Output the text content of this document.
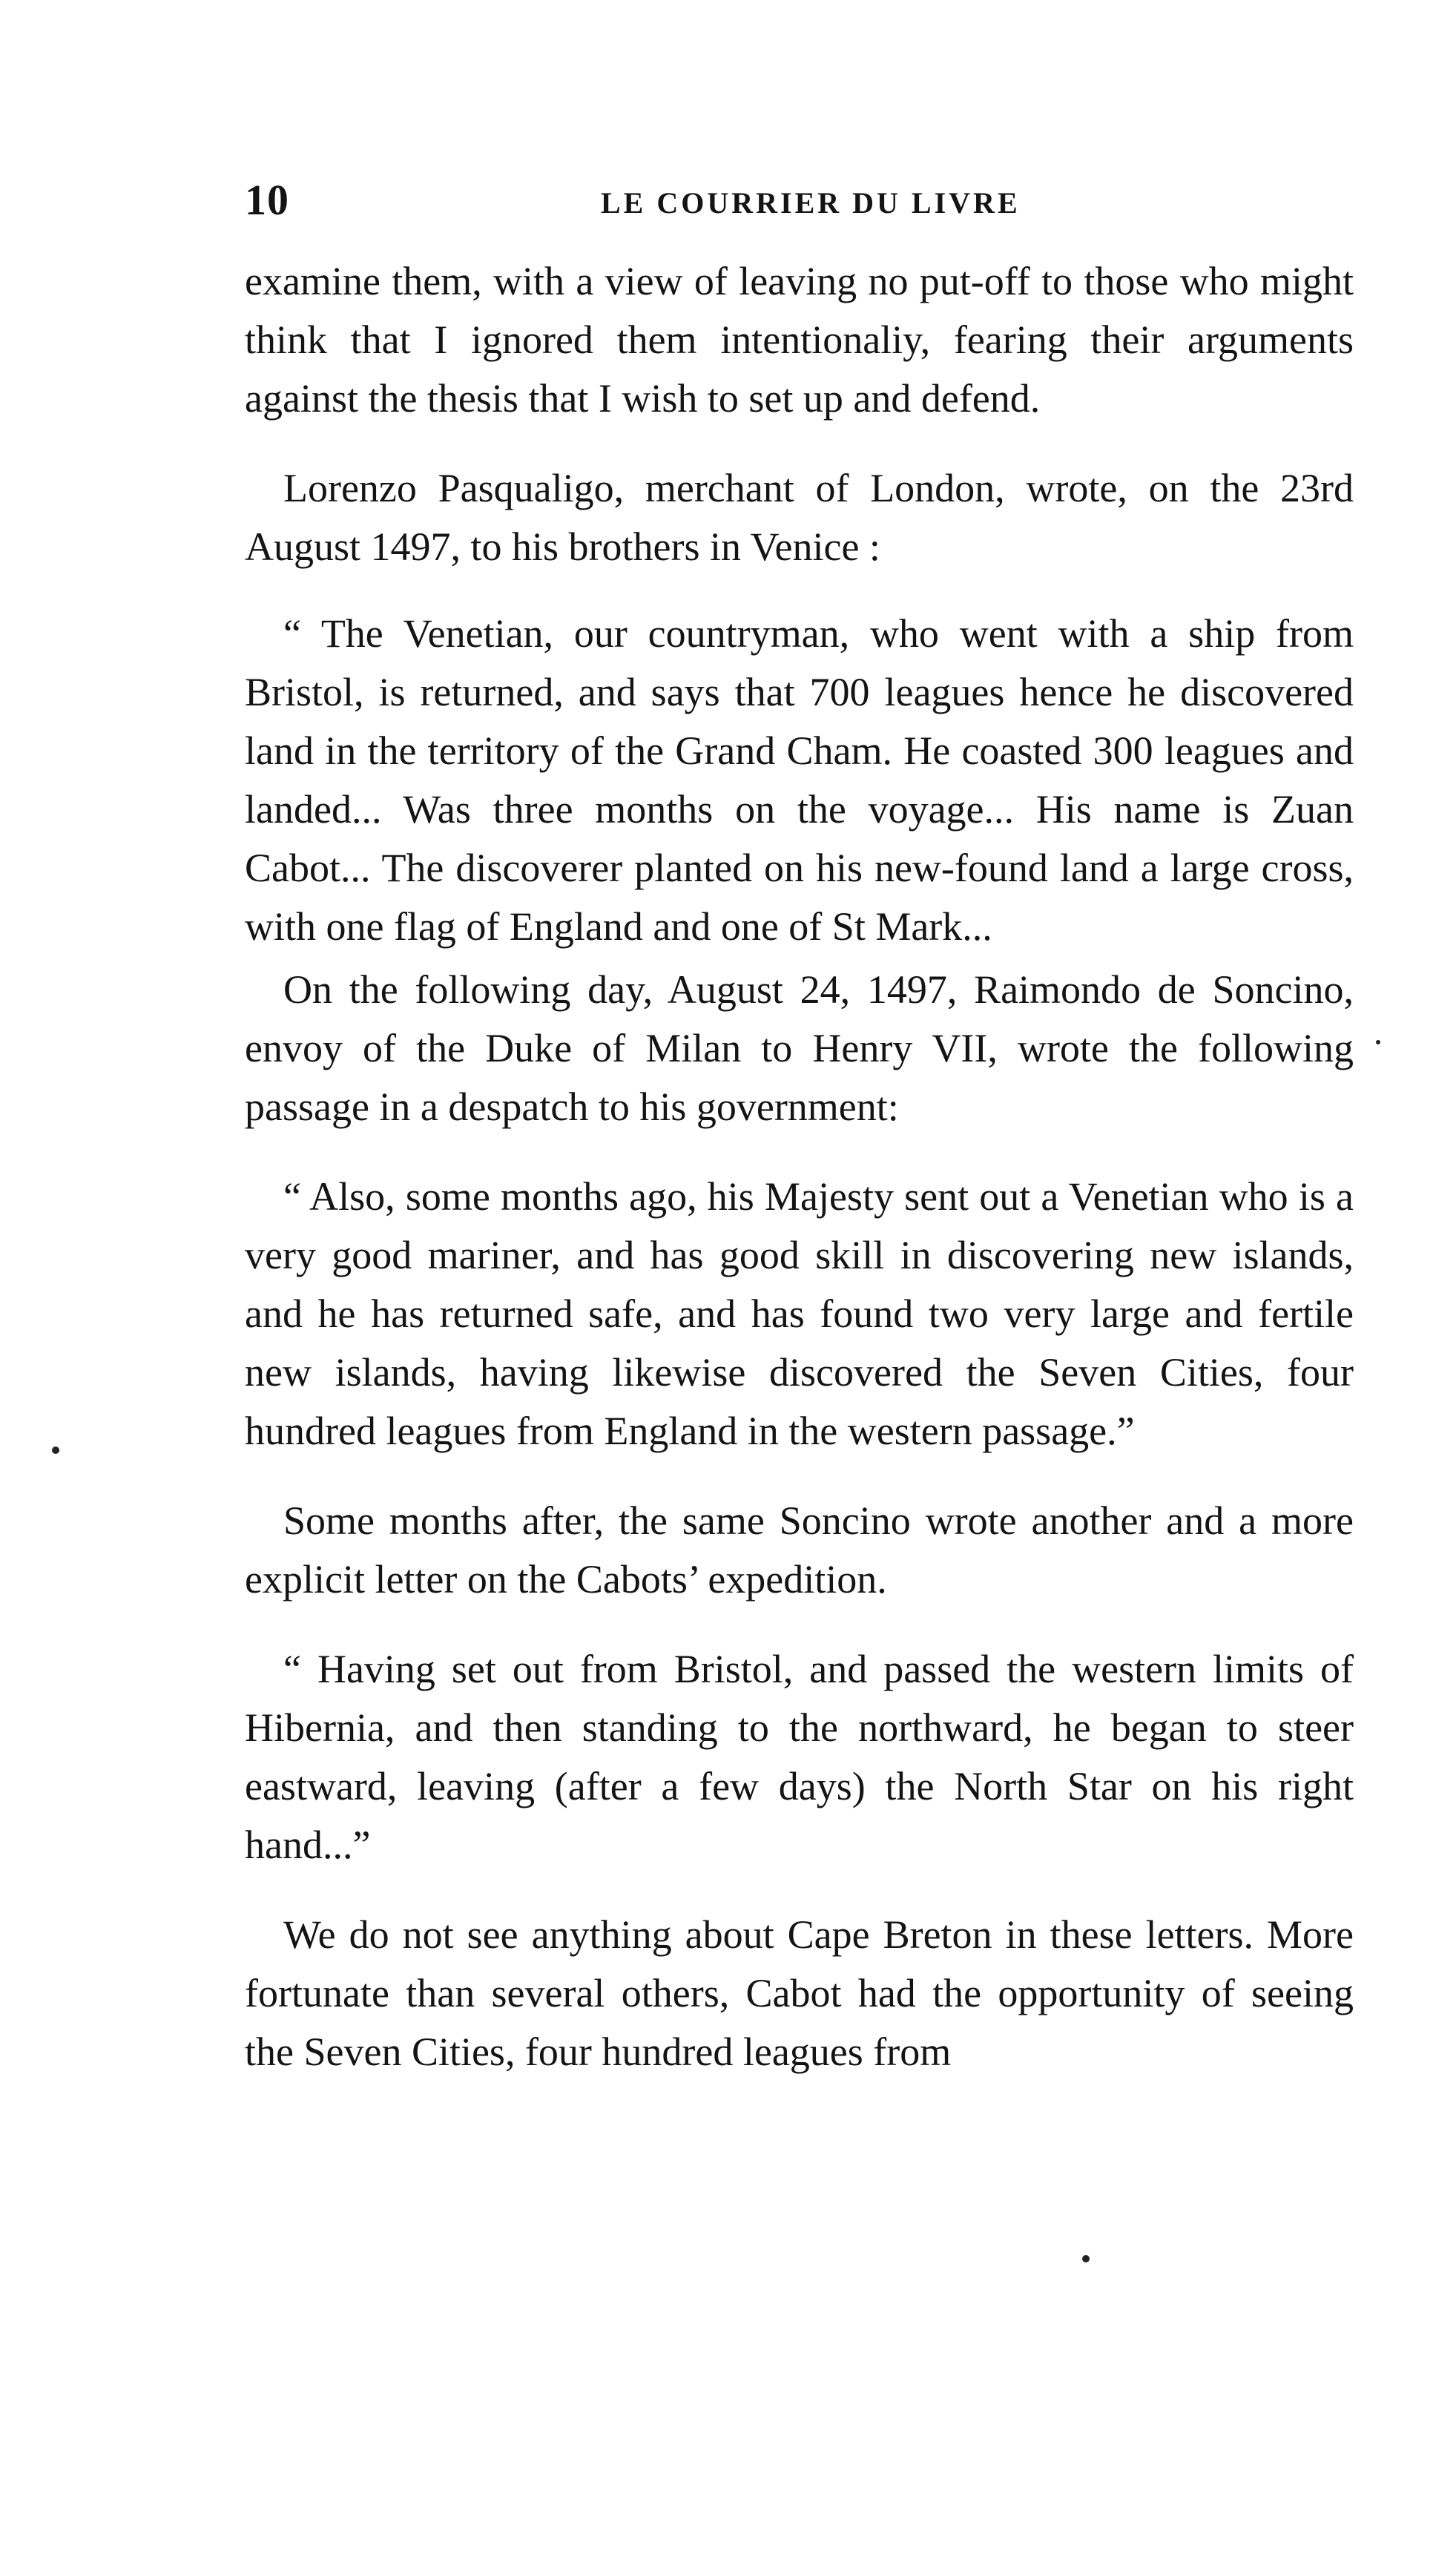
10	LE COURRIER DU LIVRE

examine them, with a view of leaving no put-off to those who might think that I ignored them intentionaliy, fearing their arguments against the thesis that I wish to set up and defend.

Lorenzo Pasqualigo, merchant of London, wrote, on the 23rd August 1497, to his brothers in Venice :

“ The Venetian, our countryman, who went with a ship from Bristol, is returned, and says that 700 leagues hence he discovered land in the territory of the Grand Cham. He coasted 300 leagues and landed... Was three months on the voyage... His name is Zuan Cabot... The discoverer planted on his new-found land a large cross, with one flag of England and one of St Mark...

On the following day, August 24, 1497, Raimondo de Soncino, envoy of the Duke of Milan to Henry VII, wrote the following passage in a despatch to his government:

“ Also, some months ago, his Majesty sent out a Venetian who is a very good mariner, and has good skill in discovering new islands, and he has returned safe, and has found two very large and fertile new islands, having likewise discovered the Seven Cities, four hundred leagues from England in the western passage.”

Some months after, the same Soncino wrote another and a more explicit letter on the Cabots’ expedition.

“ Having set out from Bristol, and passed the western limits of Hibernia, and then standing to the northward, he began to steer eastward, leaving (after a few days) the North Star on his right hand...”

We do not see anything about Cape Breton in these letters. More fortunate than several others, Cabot had the opportunity of seeing the Seven Cities, four hundred leagues from
